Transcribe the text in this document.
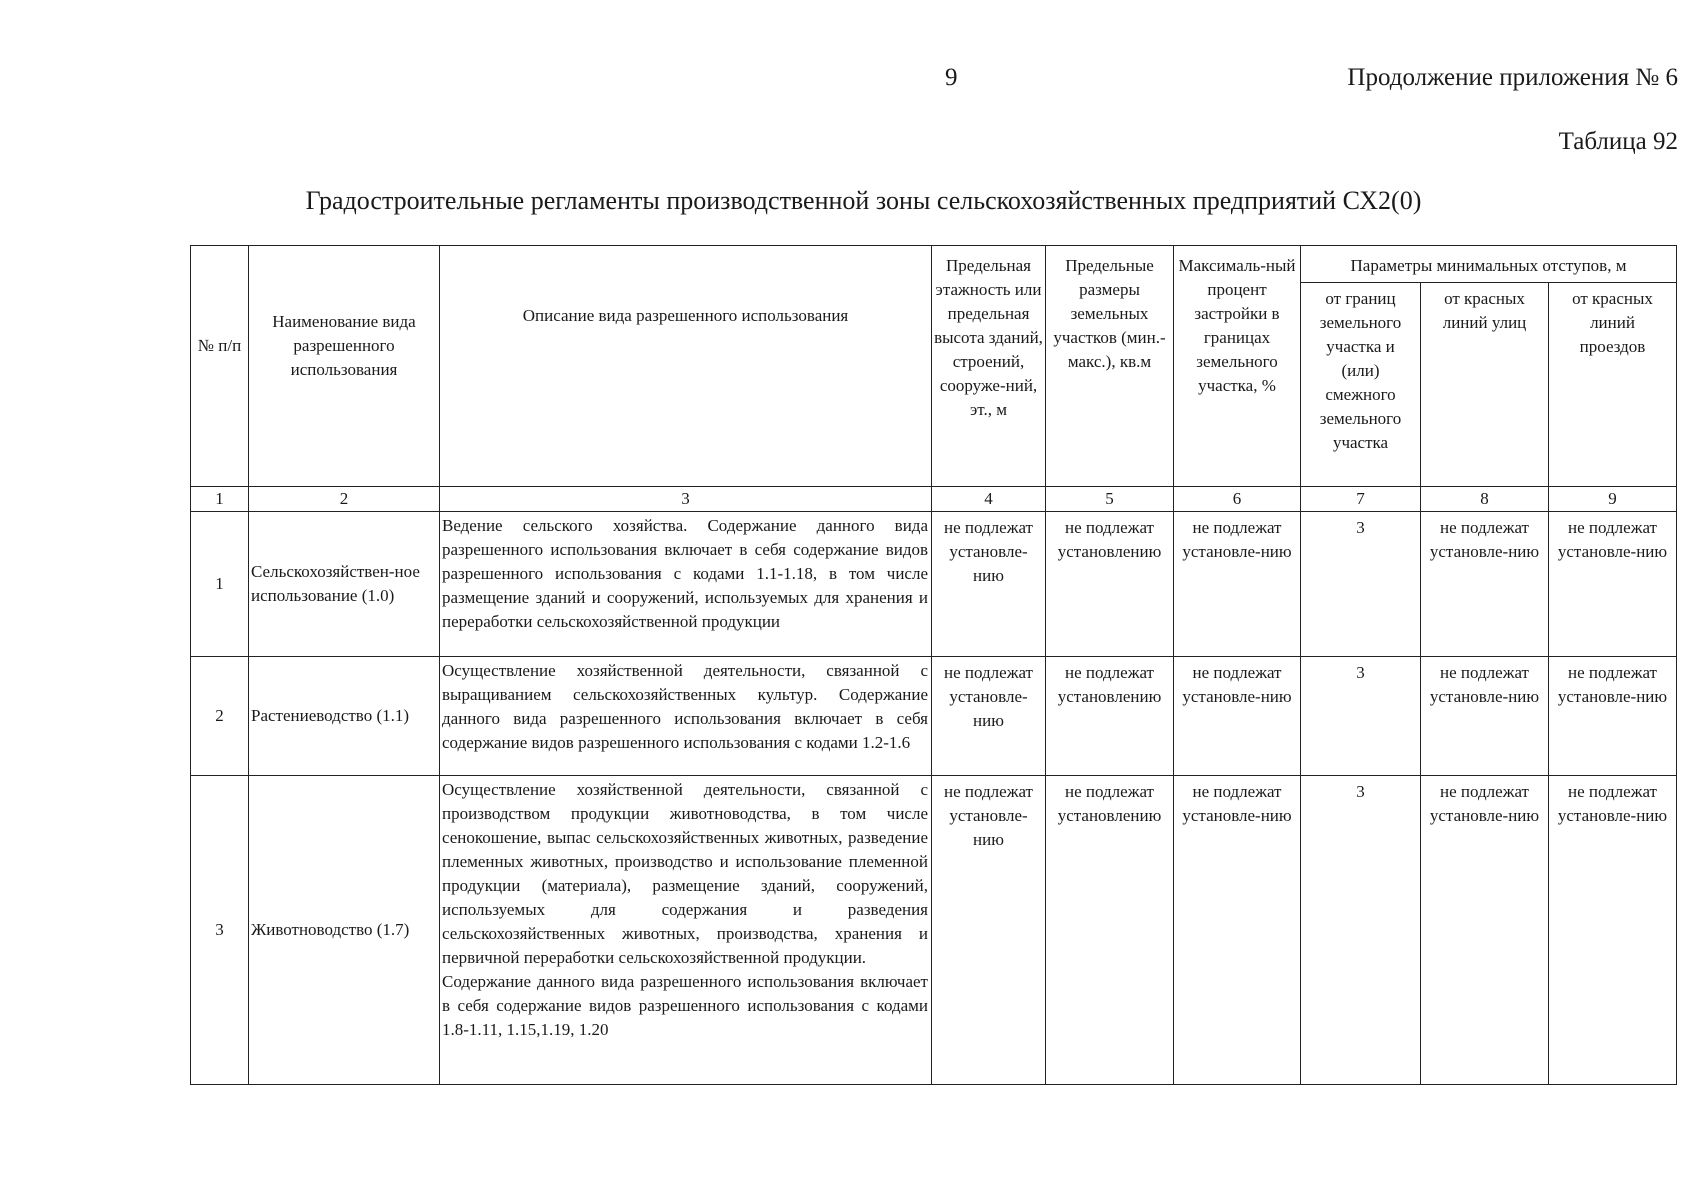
9	Продолжение приложения № 6
Таблица 92
Градостроительные регламенты производственной зоны сельскохозяйственных предприятий СХ2(0)
№ п/п	Наименование вида разрешенного использования	Описание вида разрешенного использования	Предельная этажность или предельная высота зданий, строений, сооруже-ний, эт., м	Предельные размеры земельных участков (мин.-макс.), кв.м	Максималь-ный процент застройки в границах земельного участка, %	Параметры минимальных отступов, м		
						от границ земельного участка и (или) смежного земельного участка	от красных линий улиц	от красных линий проездов
1	2	3	4	5	6	7	8	9
1	Сельскохозяйствен-ное использование (1.0)	Ведение сельского хозяйства. Содержание данного вида разрешенного использования включает в себя содержание видов разрешенного использования с кодами 1.1-1.18, в том числе размещение зданий и сооружений, используемых для хранения и переработки сельскохозяйственной продукции	не подлежат установле-нию	не подлежат установлению	не подлежат установле-нию	3	не подлежат установле-нию	не подлежат установле-нию
2	Растениеводство (1.1)	Осуществление хозяйственной деятельности, связанной с выращиванием сельскохозяйственных культур. Содержание данного вида разрешенного использования включает в себя содержание видов разрешенного использования с кодами 1.2-1.6	не подлежат установле-нию	не подлежат установлению	не подлежат установле-нию	3	не подлежат установле-нию	не подлежат установле-нию
3	Животноводство (1.7)	Осуществление хозяйственной деятельности, связанной с производством продукции животноводства, в том числе сенокошение, выпас сельскохозяйственных животных, разведение племенных животных, производство и использование племенной продукции (материала), размещение зданий, сооружений, используемых для содержания и разведения сельскохозяйственных животных, производства, хранения и первичной переработки сельскохозяйственной продукции.
Содержание данного вида разрешенного использования включает в себя содержание видов разрешенного использования с кодами 1.8-1.11, 1.15,1.19, 1.20	не подлежат установле-нию	не подлежат установлению	не подлежат установле-нию	3	не подлежат установле-нию	не подлежат установле-нию
